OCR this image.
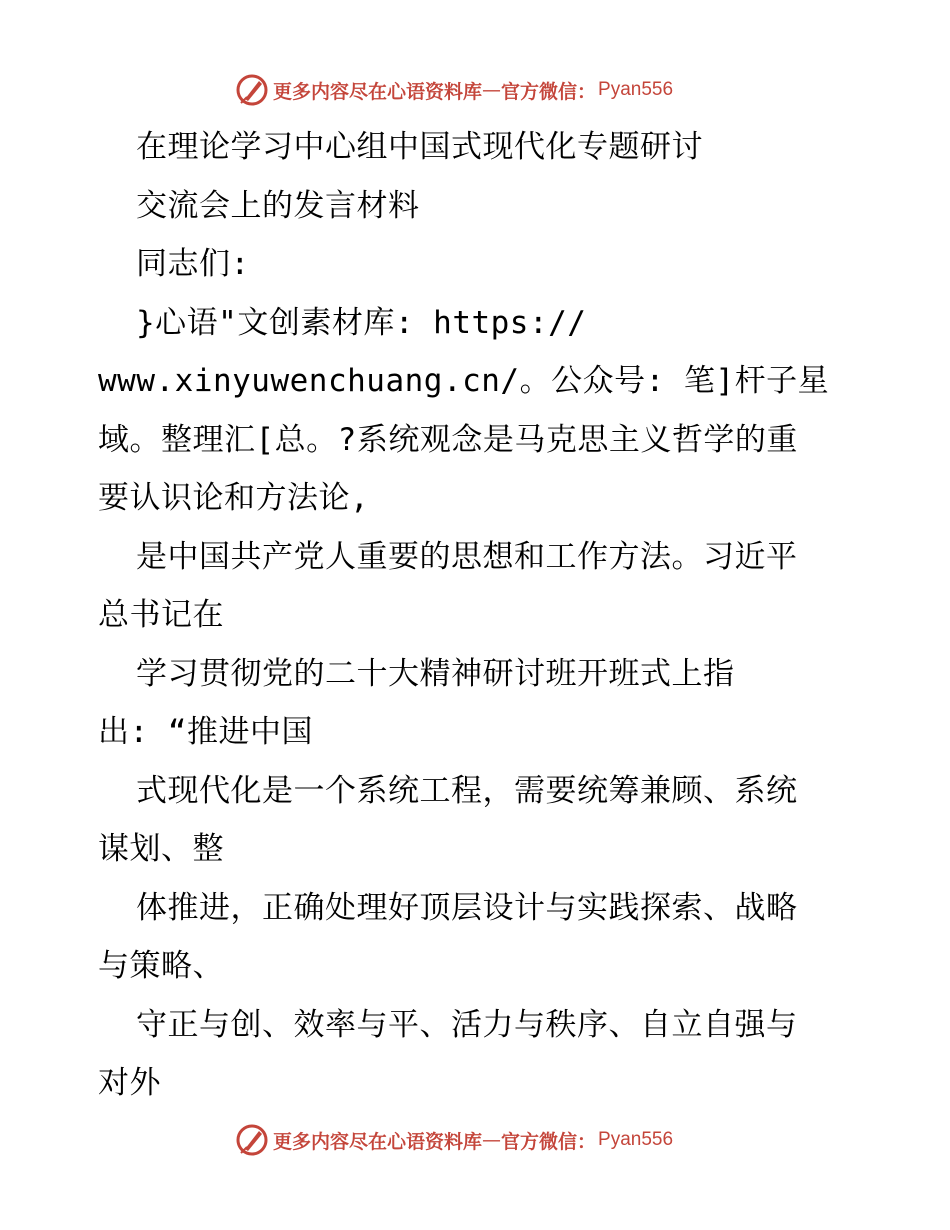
更多内容尽在心语资料库 — 官方微信： Pyan556
在理论学习中心组中国式现代化专题研讨
交流会上的发言材料
同志们:
}心语"文创素材库: https://
www.xinyuwenchuang.cn/。公众号: 笔]杆子星
域。整理汇[总。?系统观念是马克思主义哲学的重
要认识论和方法论,
是中国共产党人重要的思想和工作方法。习近平
总书记在
学习贯彻党的二十大精神研讨班开班式上指
出: “推进中国
式现代化是一个系统工程，需要统筹兼顾、系统
谋划、整
体推进，正确处理好顶层设计与实践探索、战略
与策略、
守正与创、效率与平、活力与秩序、自立自强与
对外
更多内容尽在心语资料库 — 官方微信： Pyan556
